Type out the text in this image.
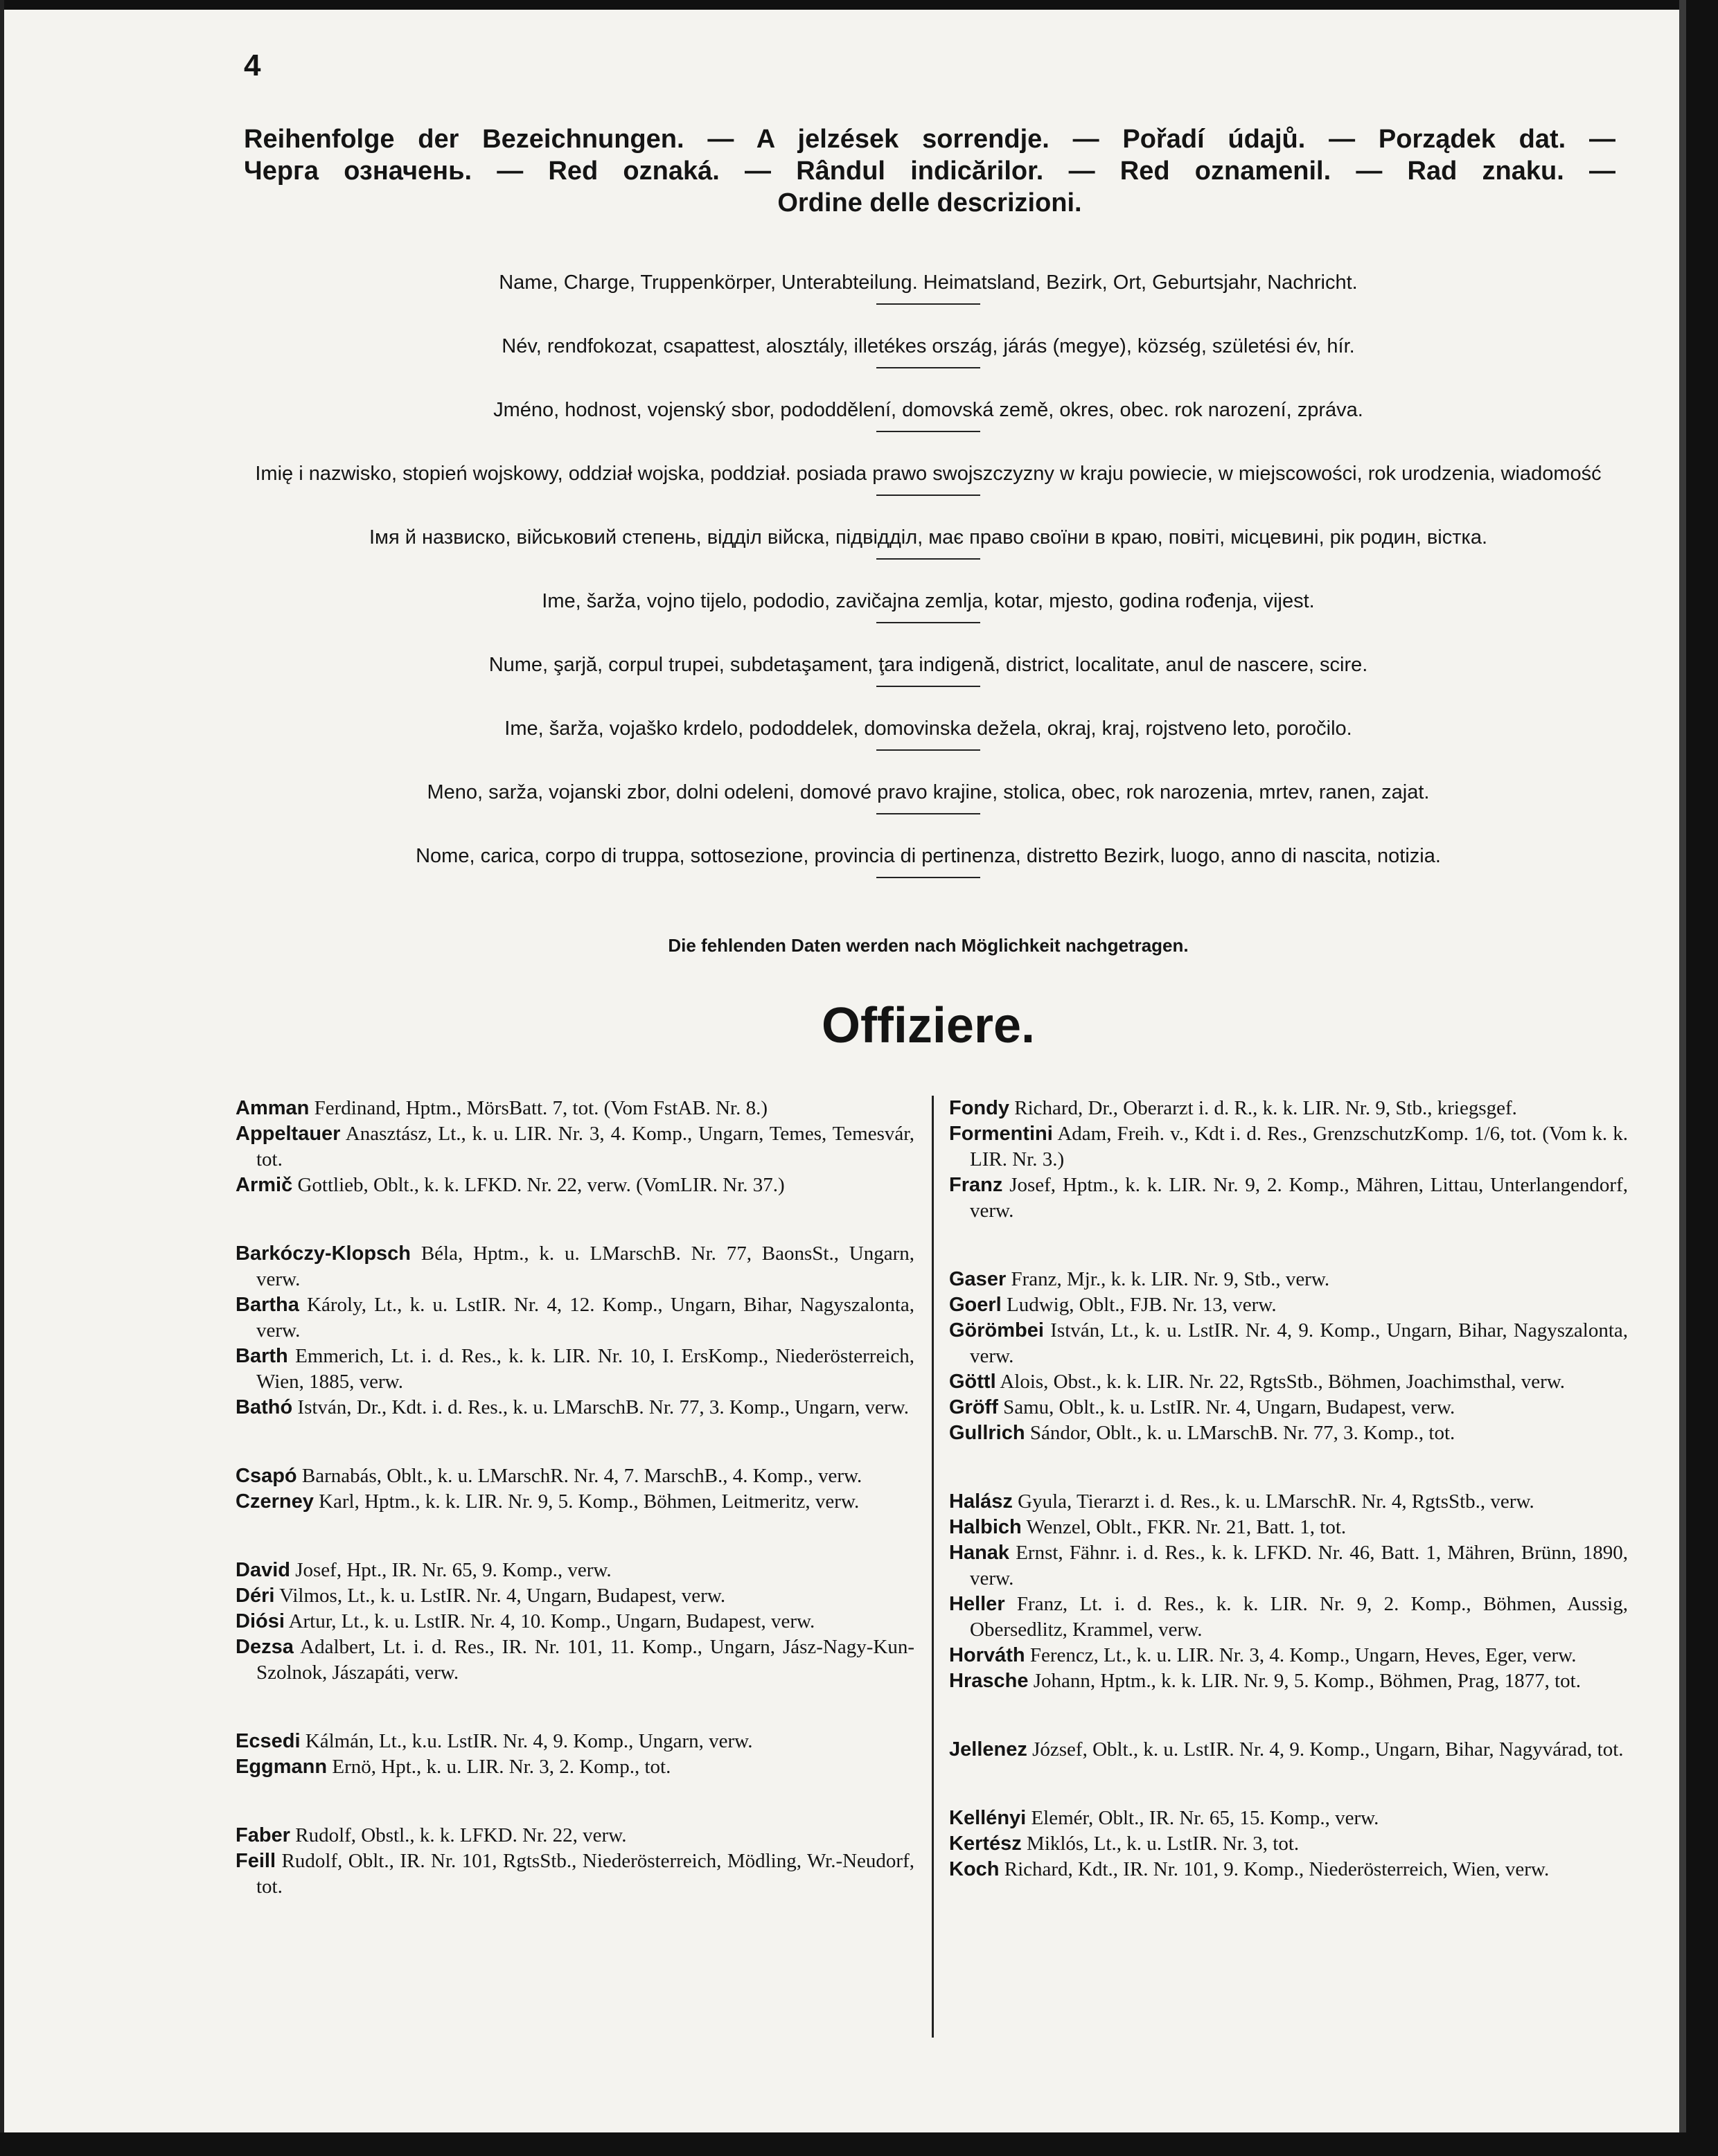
4
Reihenfolge der Bezeichnungen. — A jelzések sorrendje. — Pořadí údajů. — Porządek dat. —
Черга означень. — Red oznaká. — Rândul indicărilor. — Red oznamenil. — Rad znaku. —
Ordine delle descrizioni.

Name, Charge, Truppenkörper, Unterabteilung. Heimatsland, Bezirk, Ort, Geburtsjahr, Nachricht.

Név, rendfokozat, csapattest, alosztály, illetékes ország, járás (megye), község, születési év, hír.

Jméno, hodnost, vojenský sbor, pododdělení, domovská země, okres, obec. rok narození, zpráva.

Imię i nazwisko, stopień wojskowy, oddział wojska, poddział. posiada prawo swojszczyzny w kraju powiecie, w miejscowości, rok urodzenia, wiadomość

Імя й назвиско, військовий степень, відділ війска, підвідділ, має право своїни в краю, повіті, місцевині, рік родин, вістка.

Ime, šarža, vojno tijelo, pododio, zavičajna zemlja, kotar, mjesto, godina rođenja, vijest.

Nume, şarjă, corpul trupei, subdetaşament, ţara indigenă, district, localitate, anul de nascere, scire.

Ime, šarža, vojaško krdelo, pododdelek, domovinska dežela, okraj, kraj, rojstveno leto, poročilo.

Meno, sarža, vojanski zbor, dolni odeleni, domové pravo krajine, stolica, obec, rok narozenia, mrtev, ranen, zajat.

Nome, carica, corpo di truppa, sottosezione, provincia di pertinenza, distretto Bezirk, luogo, anno di nascita, notizia.

Die fehlenden Daten werden nach Möglichkeit nachgetragen.
Offiziere.
Amman Ferdinand, Hptm., MörsBatt. 7, tot. (Vom FstAB. Nr. 8.)
Appeltauer Anasztász, Lt., k. u. LIR. Nr. 3, 4. Komp., Ungarn, Temes, Temesvár, tot.
Armič Gottlieb, Oblt., k. k. LFKD. Nr. 22, verw. (VomLIR. Nr. 37.)
Barkóczy-Klopsch Béla, Hptm., k. u. LMarschB. Nr. 77, BaonsSt., Ungarn, verw.
Bartha Károly, Lt., k. u. LstIR. Nr. 4, 12. Komp., Ungarn, Bihar, Nagyszalonta, verw.
Barth Emmerich, Lt. i. d. Res., k. k. LIR. Nr. 10, I. ErsKomp., Niederösterreich, Wien, 1885, verw.
Bathó István, Dr., Kdt. i. d. Res., k. u. LMarschB. Nr. 77, 3. Komp., Ungarn, verw.
Csapó Barnabás, Oblt., k. u. LMarschR. Nr. 4, 7. MarschB., 4. Komp., verw.
Czerney Karl, Hptm., k. k. LIR. Nr. 9, 5. Komp., Böhmen, Leitmeritz, verw.
David Josef, Hpt., IR. Nr. 65, 9. Komp., verw.
Déri Vilmos, Lt., k. u. LstIR. Nr. 4, Ungarn, Budapest, verw.
Diósi Artur, Lt., k. u. LstIR. Nr. 4, 10. Komp., Ungarn, Budapest, verw.
Dezsa Adalbert, Lt. i. d. Res., IR. Nr. 101, 11. Komp., Ungarn, Jász-Nagy-Kun-Szolnok, Jászapáti, verw.
Ecsedi Kálmán, Lt., k.u. LstIR. Nr. 4, 9. Komp., Ungarn, verw.
Eggmann Ernö, Hpt., k. u. LIR. Nr. 3, 2. Komp., tot.
Faber Rudolf, Obstl., k. k. LFKD. Nr. 22, verw.
Feill Rudolf, Oblt., IR. Nr. 101, RgtsStb., Niederösterreich, Mödling, Wr.-Neudorf, tot.
Fondy Richard, Dr., Oberarzt i. d. R., k. k. LIR. Nr. 9, Stb., kriegsgef.
Formentini Adam, Freih. v., Kdt i. d. Res., GrenzschutzKomp. 1/6, tot. (Vom k. k. LIR. Nr. 3.)
Franz Josef, Hptm., k. k. LIR. Nr. 9, 2. Komp., Mähren, Littau, Unterlangendorf, verw.
Gaser Franz, Mjr., k. k. LIR. Nr. 9, Stb., verw.
Goerl Ludwig, Oblt., FJB. Nr. 13, verw.
Görömbei István, Lt., k. u. LstIR. Nr. 4, 9. Komp., Ungarn, Bihar, Nagyszalonta, verw.
Göttl Alois, Obst., k. k. LIR. Nr. 22, RgtsStb., Böhmen, Joachimsthal, verw.
Gröff Samu, Oblt., k. u. LstIR. Nr. 4, Ungarn, Budapest, verw.
Gullrich Sándor, Oblt., k. u. LMarschB. Nr. 77, 3. Komp., tot.
Halász Gyula, Tierarzt i. d. Res., k. u. LMarschR. Nr. 4, RgtsStb., verw.
Halbich Wenzel, Oblt., FKR. Nr. 21, Batt. 1, tot.
Hanak Ernst, Fähnr. i. d. Res., k. k. LFKD. Nr. 46, Batt. 1, Mähren, Brünn, 1890, verw.
Heller Franz, Lt. i. d. Res., k. k. LIR. Nr. 9, 2. Komp., Böhmen, Aussig, Obersedlitz, Krammel, verw.
Horváth Ferencz, Lt., k. u. LIR. Nr. 3, 4. Komp., Ungarn, Heves, Eger, verw.
Hrasche Johann, Hptm., k. k. LIR. Nr. 9, 5. Komp., Böhmen, Prag, 1877, tot.
Jellenez József, Oblt., k. u. LstIR. Nr. 4, 9. Komp., Ungarn, Bihar, Nagyvárad, tot.
Kellényi Elemér, Oblt., IR. Nr. 65, 15. Komp., verw.
Kertész Miklós, Lt., k. u. LstIR. Nr. 3, tot.
Koch Richard, Kdt., IR. Nr. 101, 9. Komp., Niederösterreich, Wien, verw.
